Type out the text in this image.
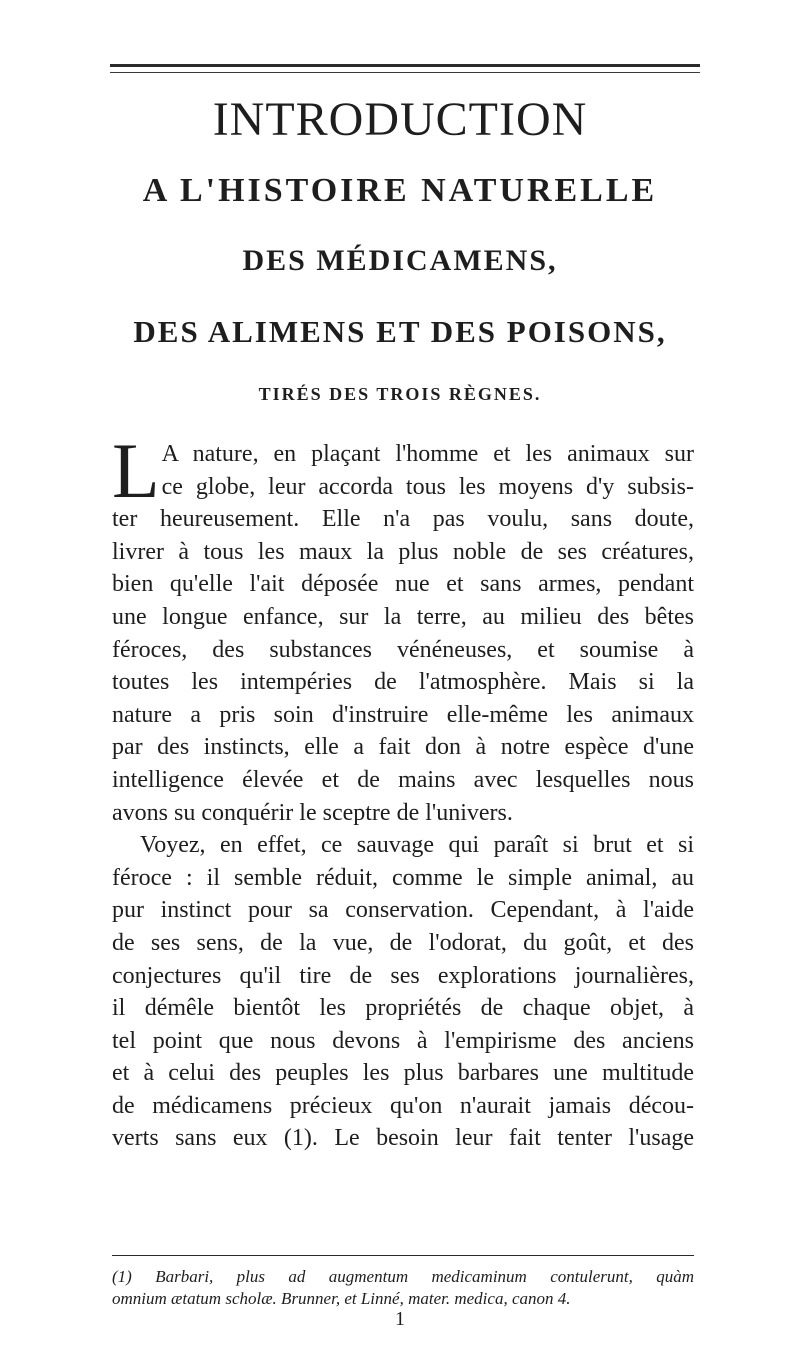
INTRODUCTION
A L'HISTOIRE NATURELLE
DES MÉDICAMENS,
DES ALIMENS ET DES POISONS,
TIRÉS DES TROIS RÈGNES.
L A nature, en plaçant l'homme et les animaux sur
ce globe, leur accorda tous les moyens d'y subsis-
ter heureusement. Elle n'a pas voulu, sans doute,
livrer à tous les maux la plus noble de ses créatures,
bien qu'elle l'ait déposée nue et sans armes, pendant
une longue enfance, sur la terre, au milieu des bêtes
féroces, des substances vénéneuses, et soumise à
toutes les intempéries de l'atmosphère. Mais si la
nature a pris soin d'instruire elle-même les animaux
par des instincts, elle a fait don à notre espèce d'une
intelligence élevée et de mains avec lesquelles nous
avons su conquérir le sceptre de l'univers.
Voyez, en effet, ce sauvage qui paraît si brut et si
féroce : il semble réduit, comme le simple animal, au
pur instinct pour sa conservation. Cependant, à l'aide
de ses sens, de la vue, de l'odorat, du goût, et des
conjectures qu'il tire de ses explorations journalières,
il démêle bientôt les propriétés de chaque objet, à
tel point que nous devons à l'empirisme des anciens
et à celui des peuples les plus barbares une multitude
de médicamens précieux qu'on n'aurait jamais décou-
verts sans eux (1). Le besoin leur fait tenter l'usage
(1) Barbari, plus ad augmentum medicaminum contulerunt, quàm
omnium ætatum scholæ. Brunner, et Linné, mater. medica, canon 4.
1
